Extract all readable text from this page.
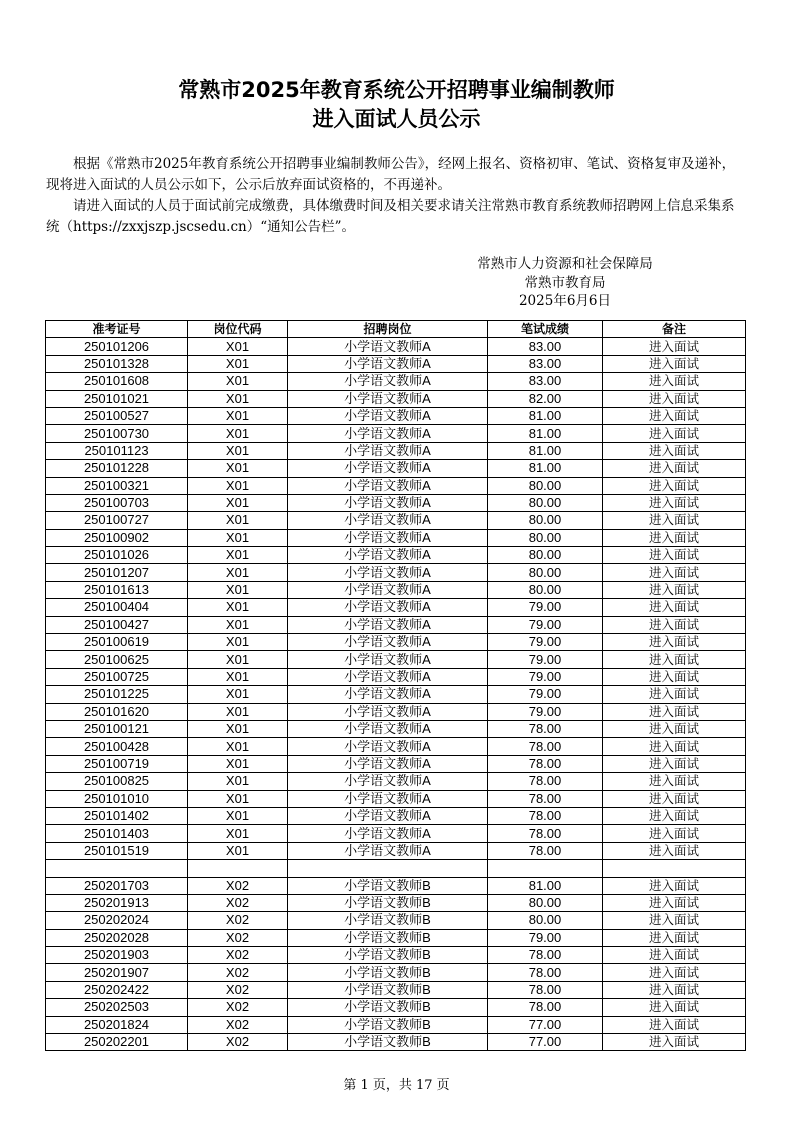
常熟市2025年教育系统公开招聘事业编制教师
进入面试人员公示

根据《常熟市2025年教育系统公开招聘事业编制教师公告》，经网上报名、资格初审、笔试、资格复审及递补，现将进入面试的人员公示如下，公示后放弃面试资格的，不再递补。

请进入面试的人员于面试前完成缴费，具体缴费时间及相关要求请关注常熟市教育系统教师招聘网上信息采集系统（https://zxxjszp.jscsedu.cn）“通知公告栏”。

常熟市人力资源和社会保障局
常熟市教育局
2025年6月6日
准考证号	岗位代码	招聘岗位	笔试成绩	备注
250101206	X01	小学语文教师A	83.00	进入面试
250101328	X01	小学语文教师A	83.00	进入面试
250101608	X01	小学语文教师A	83.00	进入面试
250101021	X01	小学语文教师A	82.00	进入面试
250100527	X01	小学语文教师A	81.00	进入面试
250100730	X01	小学语文教师A	81.00	进入面试
250101123	X01	小学语文教师A	81.00	进入面试
250101228	X01	小学语文教师A	81.00	进入面试
250100321	X01	小学语文教师A	80.00	进入面试
250100703	X01	小学语文教师A	80.00	进入面试
250100727	X01	小学语文教师A	80.00	进入面试
250100902	X01	小学语文教师A	80.00	进入面试
250101026	X01	小学语文教师A	80.00	进入面试
250101207	X01	小学语文教师A	80.00	进入面试
250101613	X01	小学语文教师A	80.00	进入面试
250100404	X01	小学语文教师A	79.00	进入面试
250100427	X01	小学语文教师A	79.00	进入面试
250100619	X01	小学语文教师A	79.00	进入面试
250100625	X01	小学语文教师A	79.00	进入面试
250100725	X01	小学语文教师A	79.00	进入面试
250101225	X01	小学语文教师A	79.00	进入面试
250101620	X01	小学语文教师A	79.00	进入面试
250100121	X01	小学语文教师A	78.00	进入面试
250100428	X01	小学语文教师A	78.00	进入面试
250100719	X01	小学语文教师A	78.00	进入面试
250100825	X01	小学语文教师A	78.00	进入面试
250101010	X01	小学语文教师A	78.00	进入面试
250101402	X01	小学语文教师A	78.00	进入面试
250101403	X01	小学语文教师A	78.00	进入面试
250101519	X01	小学语文教师A	78.00	进入面试

250201703	X02	小学语文教师B	81.00	进入面试
250201913	X02	小学语文教师B	80.00	进入面试
250202024	X02	小学语文教师B	80.00	进入面试
250202028	X02	小学语文教师B	79.00	进入面试
250201903	X02	小学语文教师B	78.00	进入面试
250201907	X02	小学语文教师B	78.00	进入面试
250202422	X02	小学语文教师B	78.00	进入面试
250202503	X02	小学语文教师B	78.00	进入面试
250201824	X02	小学语文教师B	77.00	进入面试
250202201	X02	小学语文教师B	77.00	进入面试
第 1 页，共 17 页
